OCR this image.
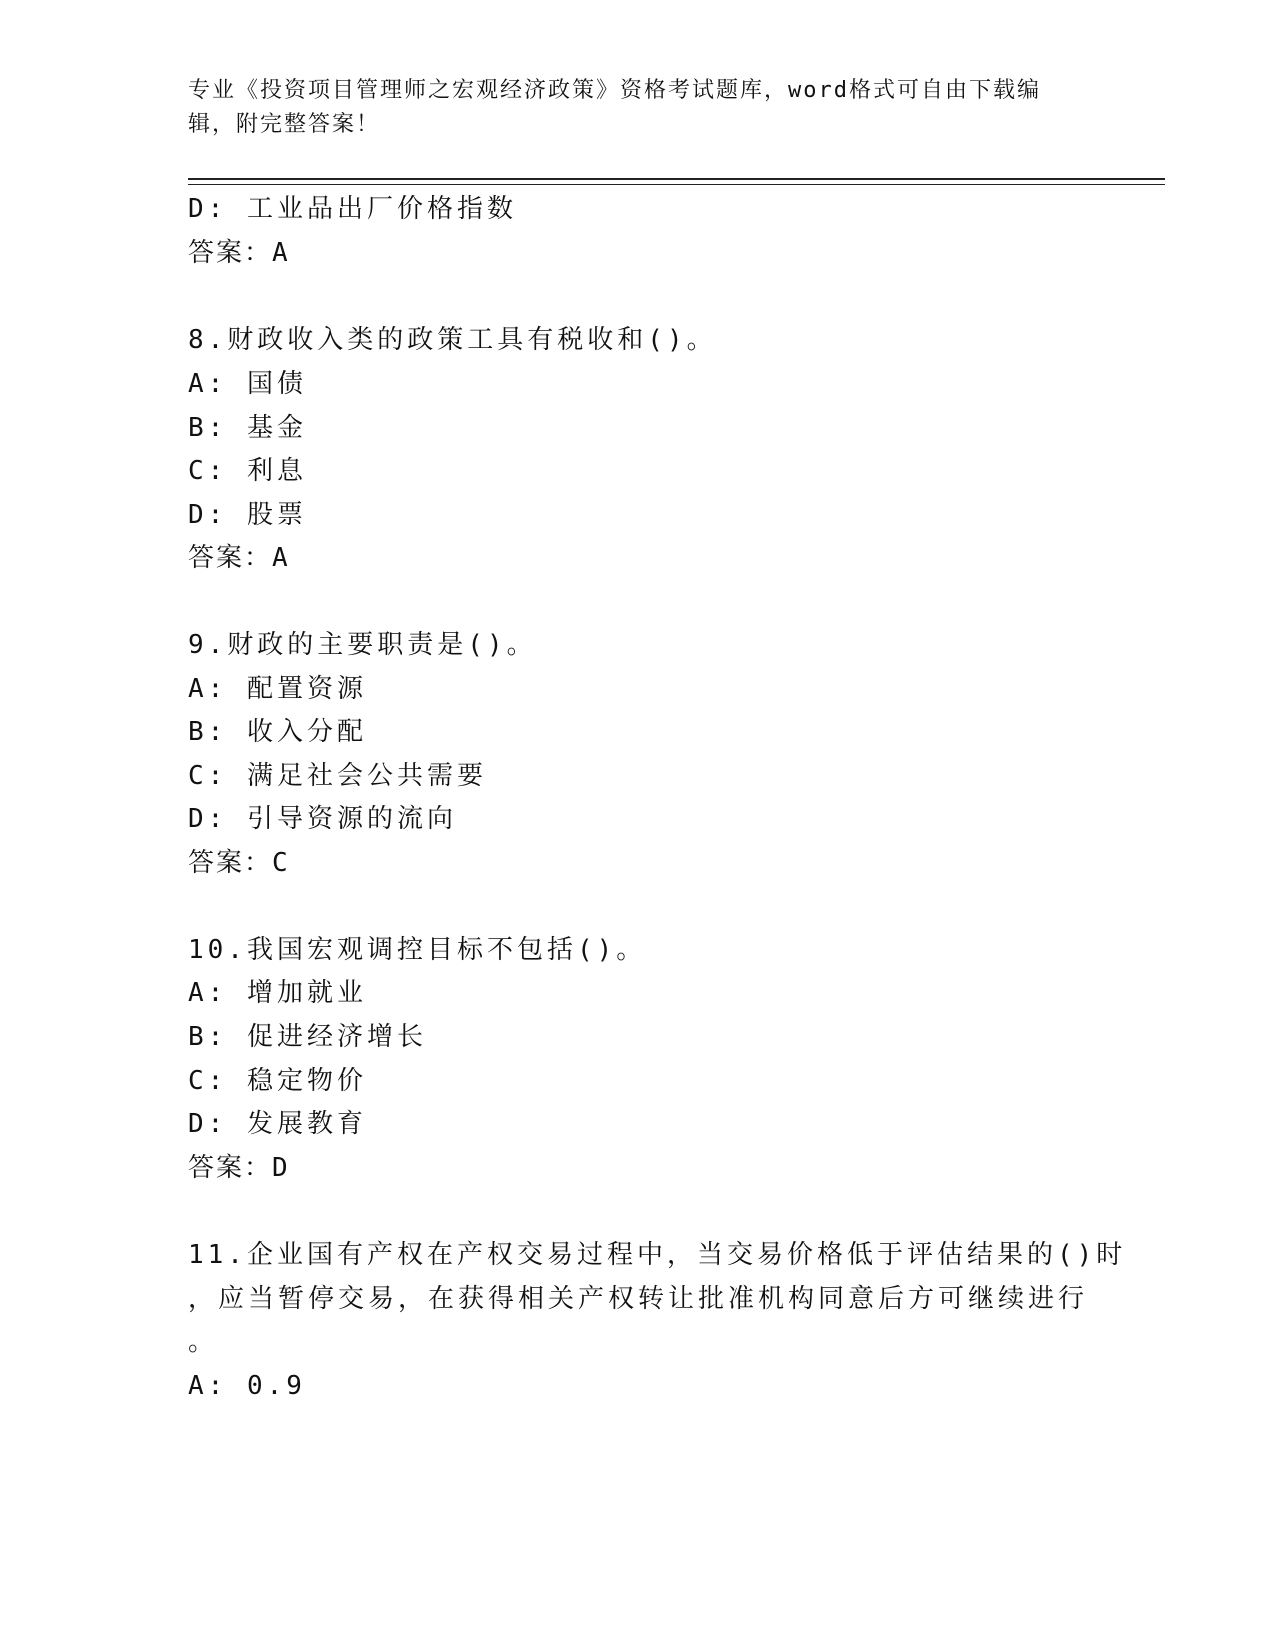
专业《投资项目管理师之宏观经济政策》资格考试题库，word格式可自由下载编
辑，附完整答案！
D: 工业品出厂价格指数
答案：A
8.财政收入类的政策工具有税收和()。
A: 国债
B: 基金
C: 利息
D: 股票
答案：A
9.财政的主要职责是()。
A: 配置资源
B: 收入分配
C: 满足社会公共需要
D: 引导资源的流向
答案：C
10.我国宏观调控目标不包括()。
A: 增加就业
B: 促进经济增长
C: 稳定物价
D: 发展教育
答案：D
11.企业国有产权在产权交易过程中，当交易价格低于评估结果的()时
，应当暂停交易，在获得相关产权转让批准机构同意后方可继续进行
。
A: 0.9
